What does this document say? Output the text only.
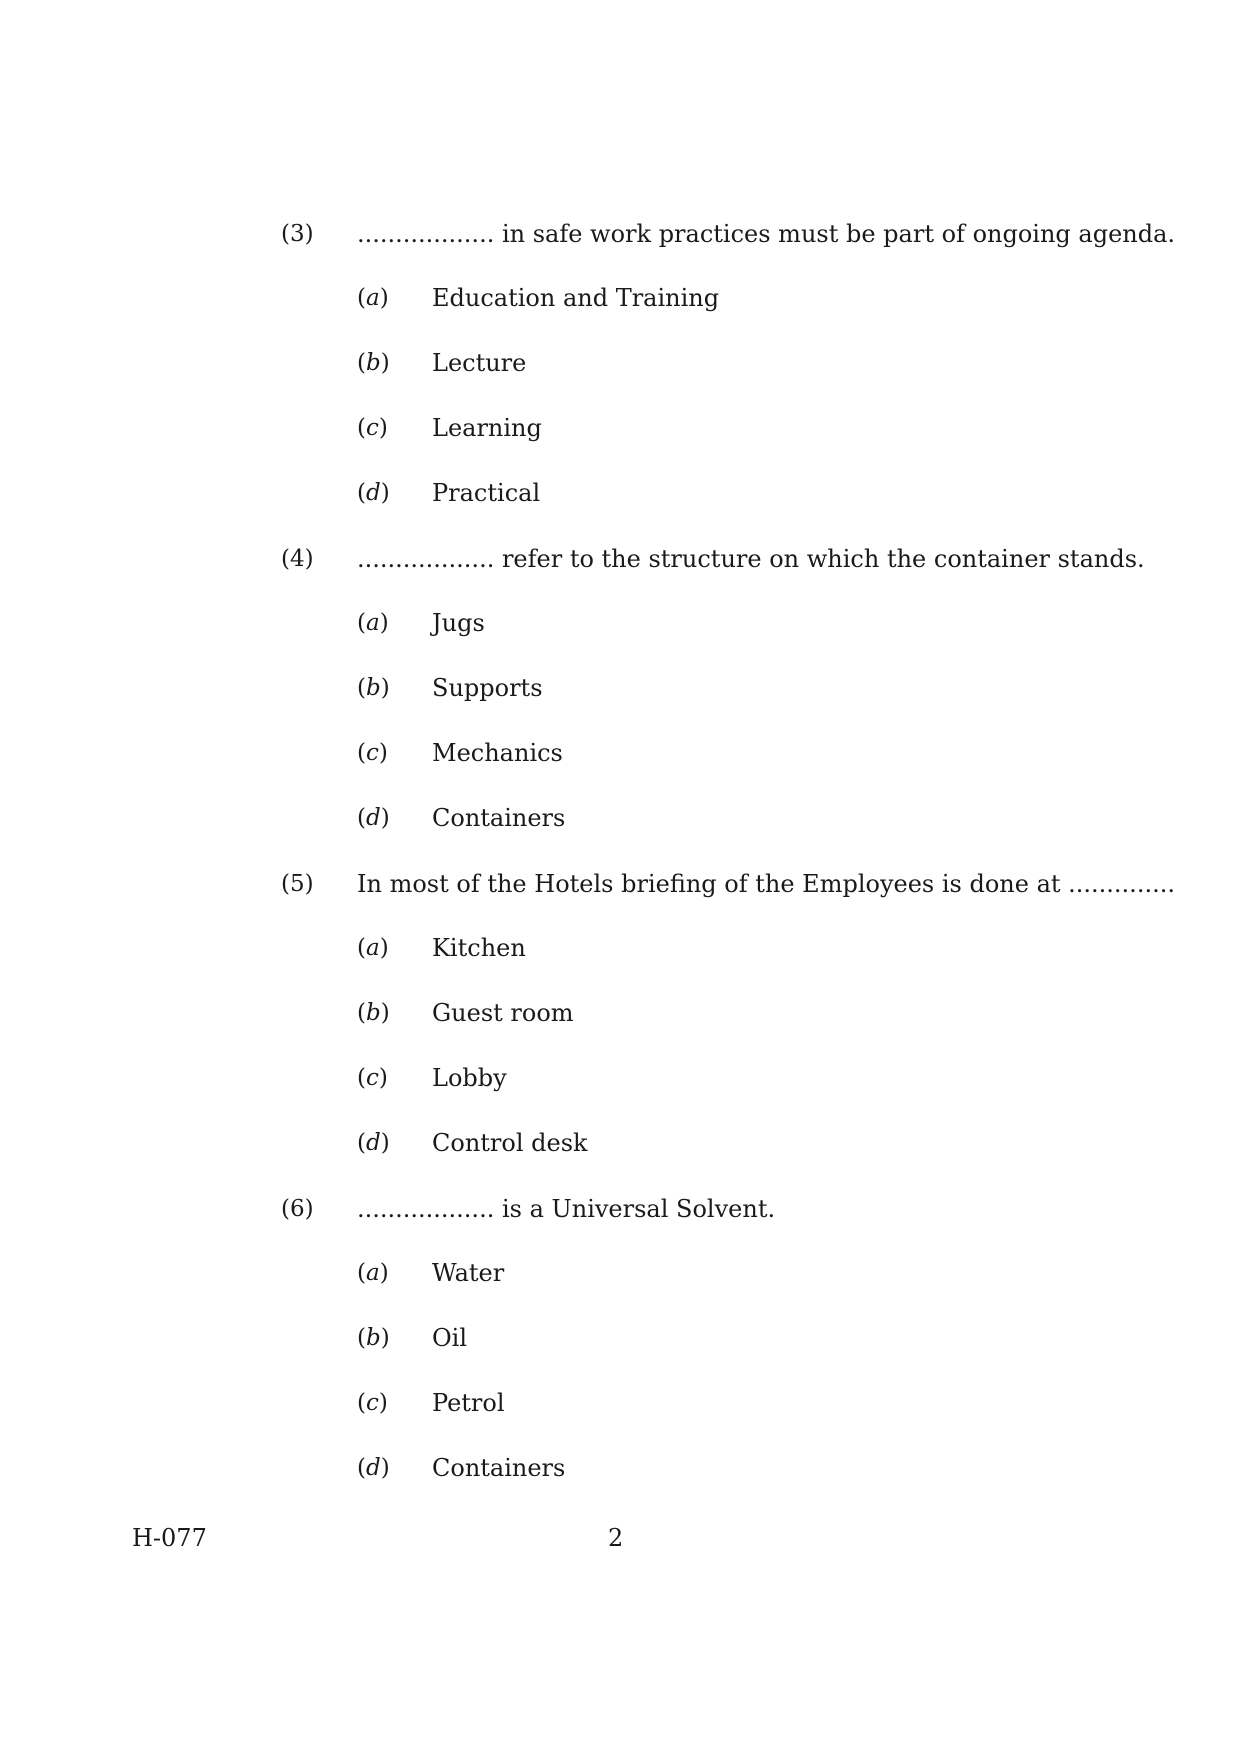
(3) .................. in safe work practices must be part of ongoing agenda.
(a) Education and Training
(b) Lecture
(c) Learning
(d) Practical
(4) .................. refer to the structure on which the container stands.
(a) Jugs
(b) Supports
(c) Mechanics
(d) Containers
(5) In most of the Hotels briefing of the Employees is done at ..............
(a) Kitchen
(b) Guest room
(c) Lobby
(d) Control desk
(6) .................. is a Universal Solvent.
(a) Water
(b) Oil
(c) Petrol
(d) Containers
H-077	2
